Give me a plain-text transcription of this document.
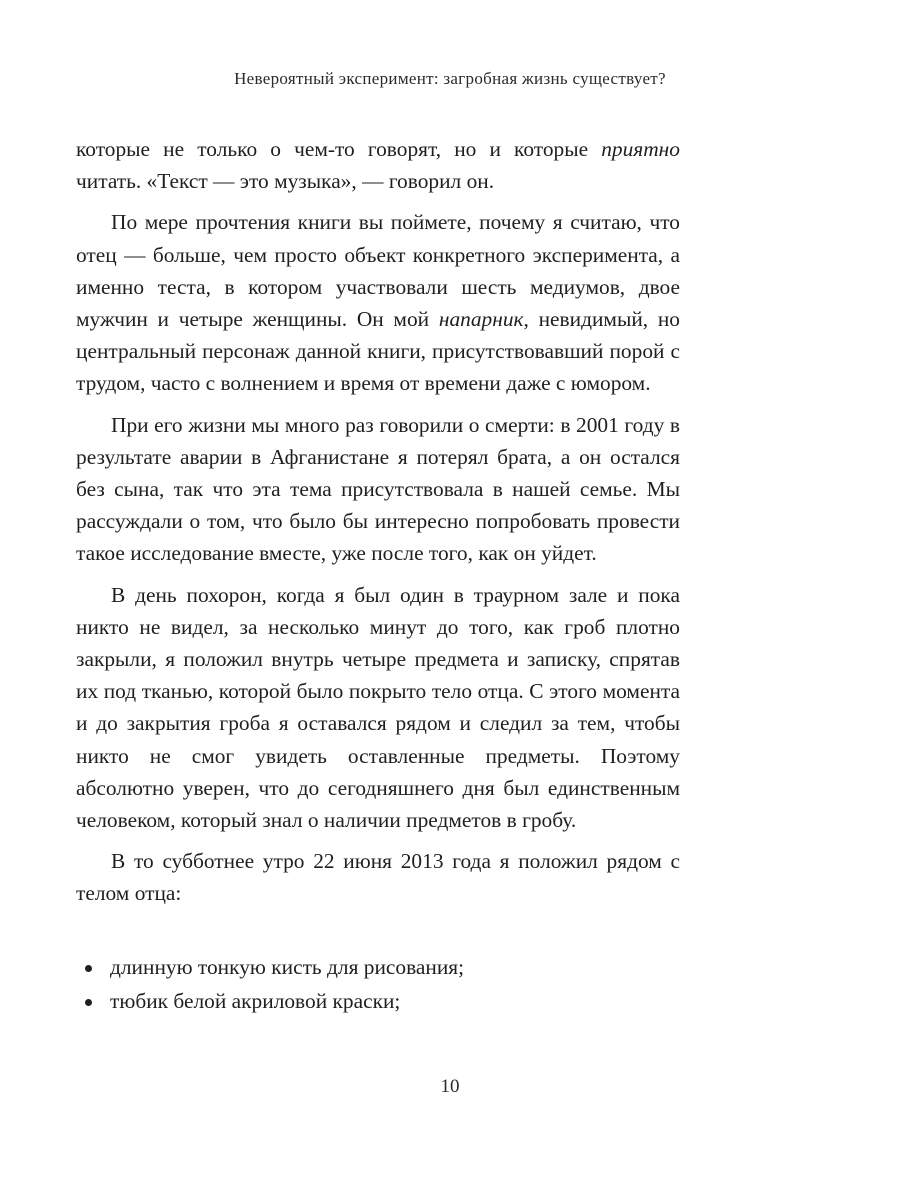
Невероятный эксперимент: загробная жизнь существует?

которые не только о чем-то говорят, но и которые приятно читать. «Текст — это музыка», — говорил он.

По мере прочтения книги вы поймете, почему я считаю, что отец — больше, чем просто объект конкретного эксперимента, а именно теста, в котором участвовали шесть медиумов, двое мужчин и четыре женщины. Он мой напарник, невидимый, но центральный персонаж данной книги, присутствовавший порой с трудом, часто с волнением и время от времени даже с юмором.

При его жизни мы много раз говорили о смерти: в 2001 году в результате аварии в Афганистане я потерял брата, а он остался без сына, так что эта тема присутствовала в нашей семье. Мы рассуждали о том, что было бы интересно попробовать провести такое исследование вместе, уже после того, как он уйдет.

В день похорон, когда я был один в траурном зале и пока никто не видел, за несколько минут до того, как гроб плотно закрыли, я положил внутрь четыре предмета и записку, спрятав их под тканью, которой было покрыто тело отца. С этого момента и до закрытия гроба я оставался рядом и следил за тем, чтобы никто не смог увидеть оставленные предметы. Поэтому абсолютно уверен, что до сегодняшнего дня был единственным человеком, который знал о наличии предметов в гробу.

В то субботнее утро 22 июня 2013 года я положил рядом с телом отца:

длинную тонкую кисть для рисования;
тюбик белой акриловой краски;
10
